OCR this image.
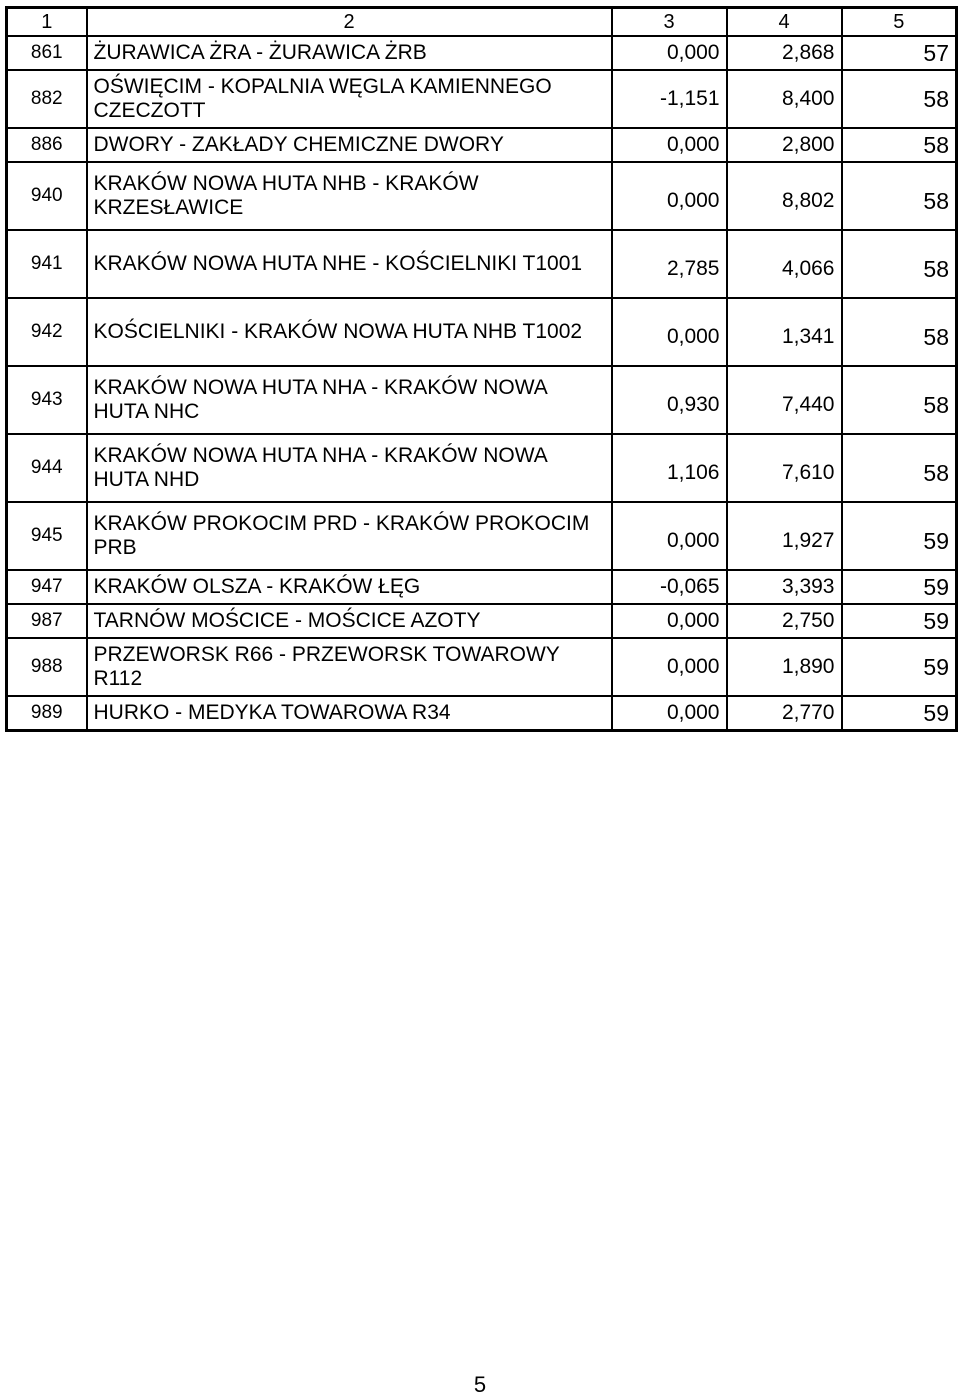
1	2	3	4	5
861	ŻURAWICA ŻRA - ŻURAWICA ŻRB	0,000	2,868	57
882	OŚWIĘCIM - KOPALNIA WĘGLA KAMIENNEGO CZECZOTT	-1,151	8,400	58
886	DWORY - ZAKŁADY CHEMICZNE DWORY	0,000	2,800	58
940	KRAKÓW NOWA HUTA NHB - KRAKÓW KRZESŁAWICE	0,000	8,802	58
941	KRAKÓW NOWA HUTA NHE - KOŚCIELNIKI T1001	2,785	4,066	58
942	KOŚCIELNIKI - KRAKÓW NOWA HUTA NHB T1002	0,000	1,341	58
943	KRAKÓW NOWA HUTA NHA - KRAKÓW NOWA HUTA NHC	0,930	7,440	58
944	KRAKÓW NOWA HUTA NHA - KRAKÓW NOWA HUTA NHD	1,106	7,610	58
945	KRAKÓW PROKOCIM PRD - KRAKÓW PROKOCIM PRB	0,000	1,927	59
947	KRAKÓW OLSZA - KRAKÓW ŁĘG	-0,065	3,393	59
987	TARNÓW MOŚCICE - MOŚCICE AZOTY	0,000	2,750	59
988	PRZEWORSK R66 - PRZEWORSK TOWAROWY R112	0,000	1,890	59
989	HURKO - MEDYKA TOWAROWA R34	0,000	2,770	59
5
